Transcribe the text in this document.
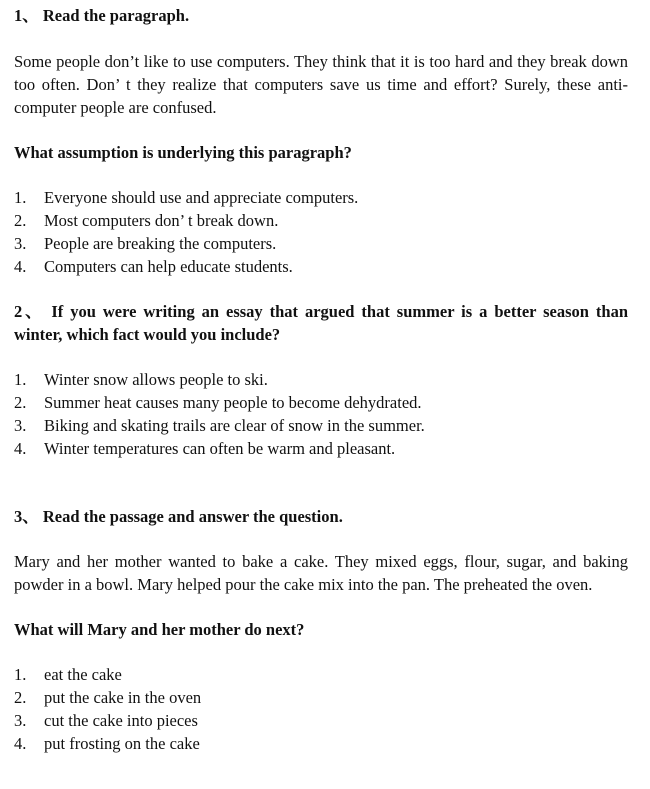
1、 Read the paragraph.

Some people don’t like to use computers. They think that it is too hard and they break down too often. Don’ t they realize that computers save us time and effort? Surely, these anti-computer people are confused.

What assumption is underlying this paragraph?

1.	Everyone should use and appreciate computers.
2.	Most computers don’ t break down.
3.	People are breaking the computers.
4.	Computers can help educate students.

2、 If you were writing an essay that argued that summer is a better season than winter, which fact would you include?

1.	Winter snow allows people to ski.
2.	Summer heat causes many people to become dehydrated.
3.	Biking and skating trails are clear of snow in the summer.
4.	Winter temperatures can often be warm and pleasant.

3、 Read the passage and answer the question.

Mary and her mother wanted to bake a cake. They mixed eggs, flour, sugar, and baking powder in a bowl. Mary helped pour the cake mix into the pan. The preheated the oven.

What will Mary and her mother do next?

1.	eat the cake
2.	put the cake in the oven
3.	cut the cake into pieces
4.	put frosting on the cake
